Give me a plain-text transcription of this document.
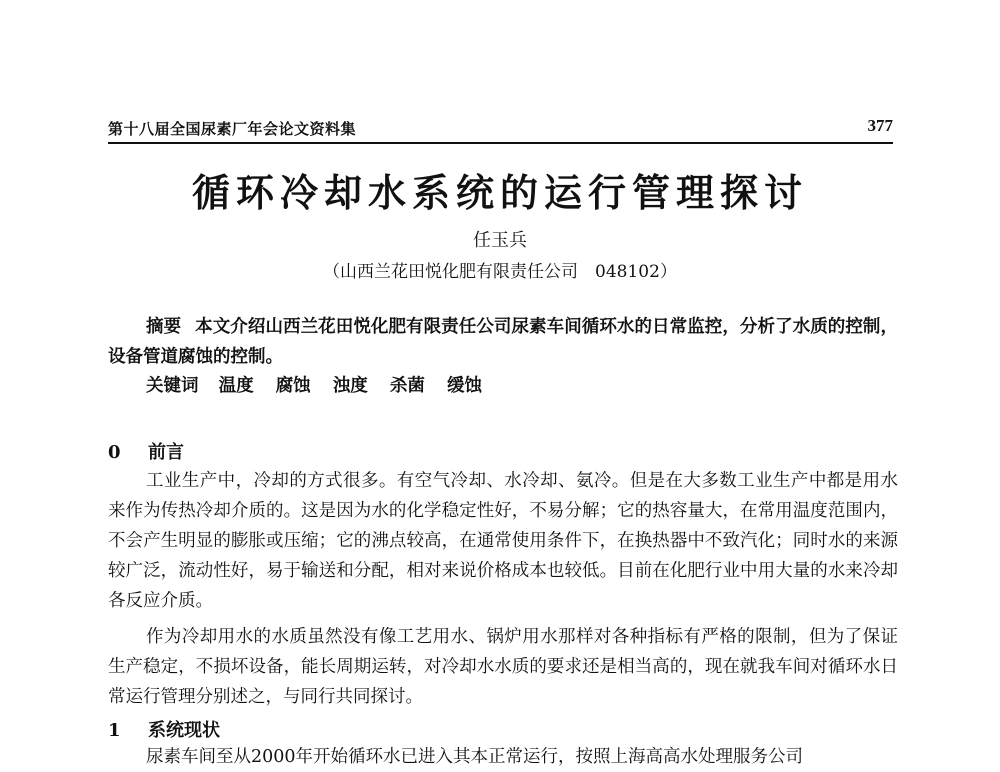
第十八届全国尿素厂年会论文资料集	377
循环冷却水系统的运行管理探讨
任玉兵
（山西兰花田悦化肥有限责任公司　048102）
摘要 本文介绍山西兰花田悦化肥有限责任公司尿素车间循环水的日常监控，分析了水质的控制，设备管道腐蚀的控制。
关键词 温度 腐蚀 浊度 杀菌 缓蚀
0 前言
工业生产中，冷却的方式很多。有空气冷却、水冷却、氨冷。但是在大多数工业生产中都是用水来作为传热冷却介质的。这是因为水的化学稳定性好，不易分解；它的热容量大，在常用温度范围内，不会产生明显的膨胀或压缩；它的沸点较高，在通常使用条件下，在换热器中不致汽化；同时水的来源较广泛，流动性好，易于输送和分配，相对来说价格成本也较低。目前在化肥行业中用大量的水来冷却各反应介质。
作为冷却用水的水质虽然没有像工艺用水、锅炉用水那样对各种指标有严格的限制，但为了保证生产稳定，不损坏设备，能长周期运转，对冷却水水质的要求还是相当高的，现在就我车间对循环水日常运行管理分别述之，与同行共同探讨。
1 系统现状
尿素车间至从2000年开始循环水已进入其本正常运行，按照上海高高水处理服务公司
